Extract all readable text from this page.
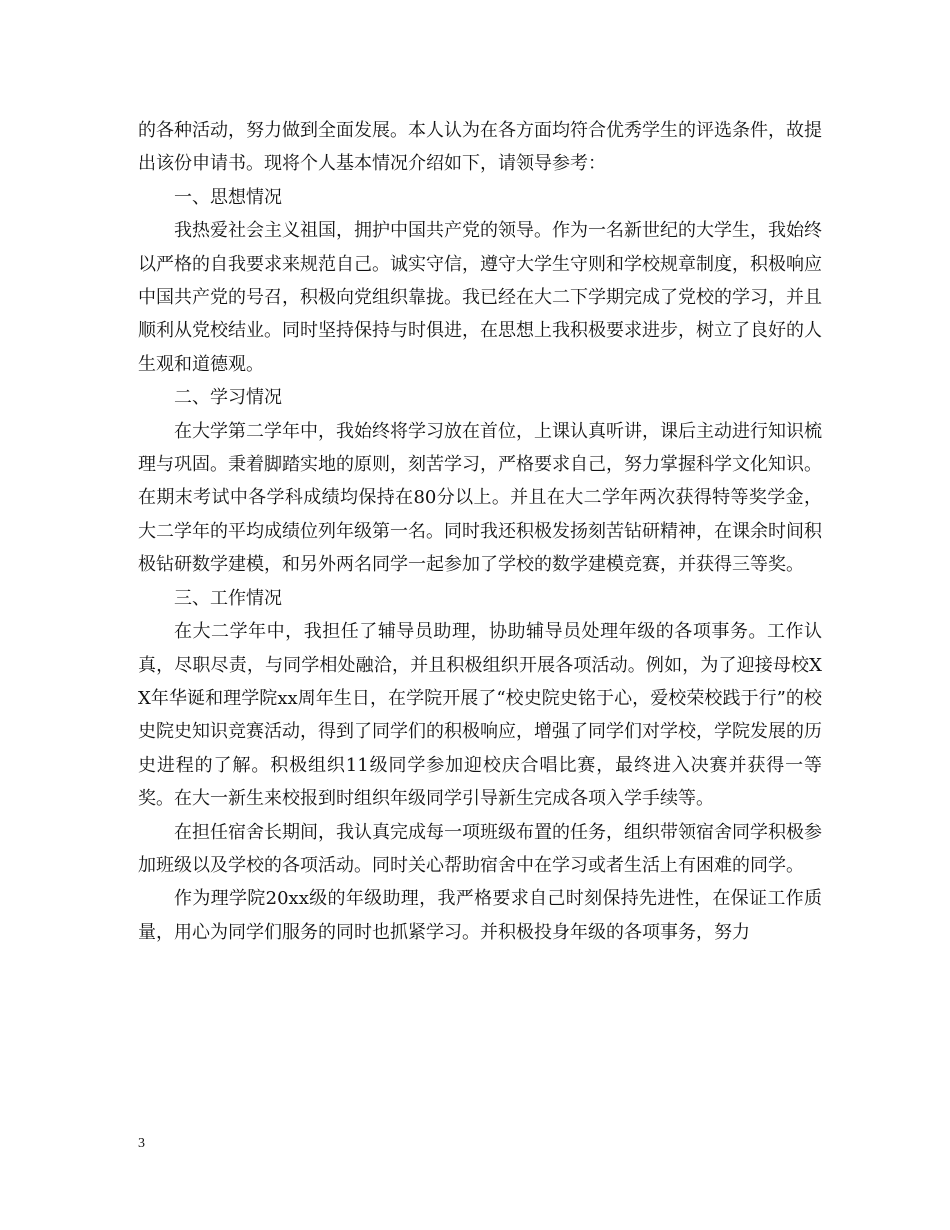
的各种活动，努力做到全面发展。本人认为在各方面均符合优秀学生的评选条件，故提出该份申请书。现将个人基本情况介绍如下，请领导参考：

一、思想情况

我热爱社会主义祖国，拥护中国共产党的领导。作为一名新世纪的大学生，我始终以严格的自我要求来规范自己。诚实守信，遵守大学生守则和学校规章制度，积极响应中国共产党的号召，积极向党组织靠拢。我已经在大二下学期完成了党校的学习，并且顺利从党校结业。同时坚持保持与时俱进，在思想上我积极要求进步，树立了良好的人生观和道德观。

二、学习情况

在大学第二学年中，我始终将学习放在首位，上课认真听讲，课后主动进行知识梳理与巩固。秉着脚踏实地的原则，刻苦学习，严格要求自己，努力掌握科学文化知识。在期末考试中各学科成绩均保持在80分以上。并且在大二学年两次获得特等奖学金，大二学年的平均成绩位列年级第一名。同时我还积极发扬刻苦钻研精神，在课余时间积极钻研数学建模，和另外两名同学一起参加了学校的数学建模竞赛，并获得三等奖。

三、工作情况

在大二学年中，我担任了辅导员助理，协助辅导员处理年级的各项事务。工作认真，尽职尽责，与同学相处融洽，并且积极组织开展各项活动。例如，为了迎接母校XX年华诞和理学院xx周年生日，在学院开展了“校史院史铭于心，爱校荣校践于行”的校史院史知识竞赛活动，得到了同学们的积极响应，增强了同学们对学校，学院发展的历史进程的了解。积极组织11级同学参加迎校庆合唱比赛，最终进入决赛并获得一等奖。在大一新生来校报到时组织年级同学引导新生完成各项入学手续等。

在担任宿舍长期间，我认真完成每一项班级布置的任务，组织带领宿舍同学积极参加班级以及学校的各项活动。同时关心帮助宿舍中在学习或者生活上有困难的同学。

作为理学院20xx级的年级助理，我严格要求自己时刻保持先进性，在保证工作质量，用心为同学们服务的同时也抓紧学习。并积极投身年级的各项事务，努力

3
